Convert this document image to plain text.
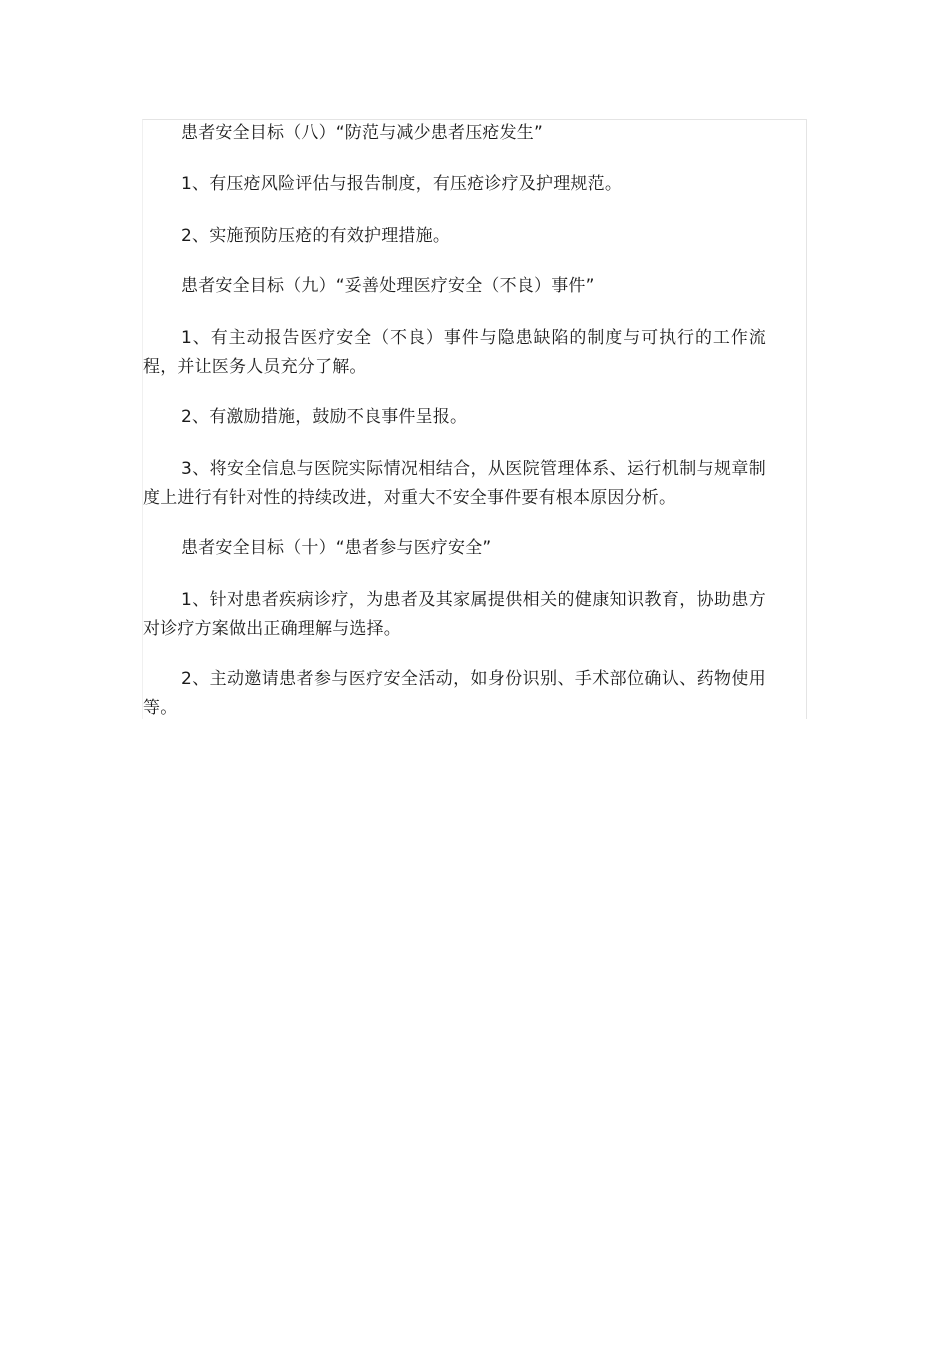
患者安全目标（八）“防范与减少患者压疮发生”

1、有压疮风险评估与报告制度，有压疮诊疗及护理规范。

2、实施预防压疮的有效护理措施。

患者安全目标（九）“妥善处理医疗安全（不良）事件”

1、有主动报告医疗安全（不良）事件与隐患缺陷的制度与可执行的工作流程，并让医务人员充分了解。

2、有激励措施，鼓励不良事件呈报。

3、将安全信息与医院实际情况相结合，从医院管理体系、运行机制与规章制度上进行有针对性的持续改进，对重大不安全事件要有根本原因分析。

患者安全目标（十）“患者参与医疗安全”

1、针对患者疾病诊疗，为患者及其家属提供相关的健康知识教育，协助患方对诊疗方案做出正确理解与选择。

2、主动邀请患者参与医疗安全活动，如身份识别、手术部位确认、药物使用等。
